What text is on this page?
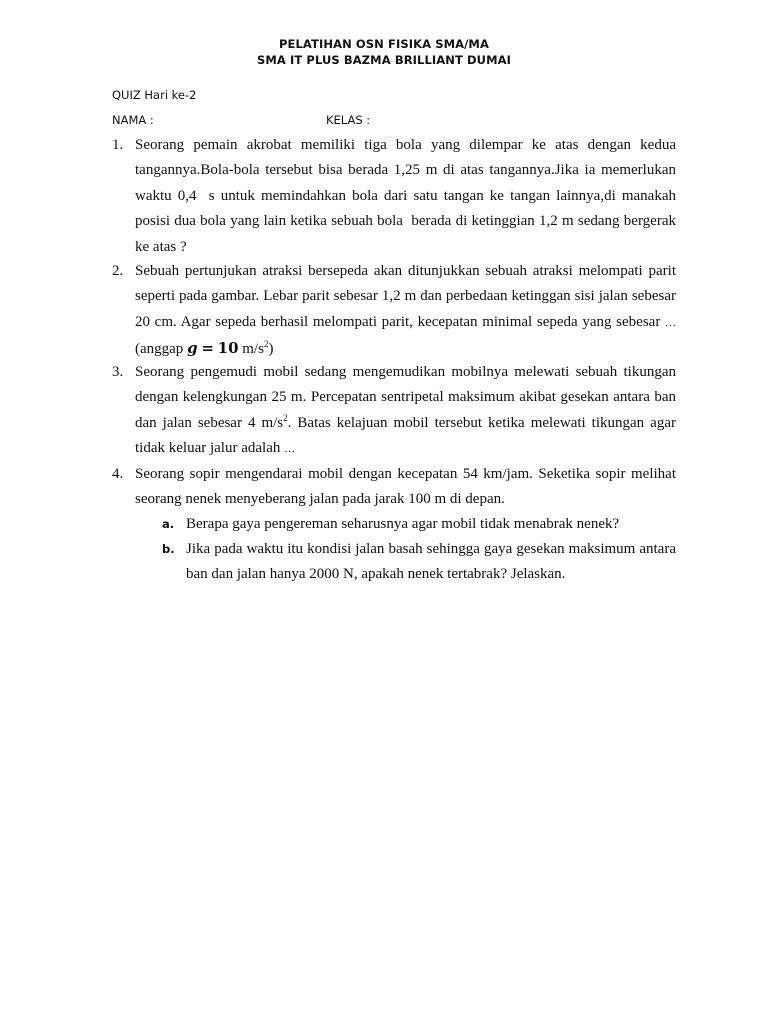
PELATIHAN OSN FISIKA SMA/MA
SMA IT PLUS BAZMA BRILLIANT DUMAI
QUIZ Hari ke-2
NAMA :	KELAS :
1. Seorang pemain akrobat memiliki tiga bola yang dilempar ke atas dengan kedua tangannya.Bola-bola tersebut bisa berada 1,25 m di atas tangannya.Jika ia memerlukan waktu 0,4  s untuk memindahkan bola dari satu tangan ke tangan lainnya,di manakah posisi dua bola yang lain ketika sebuah bola  berada di ketinggian 1,2 m sedang bergerak ke atas ?
2. Sebuah pertunjukan atraksi bersepeda akan ditunjukkan sebuah atraksi melompati parit seperti pada gambar. Lebar parit sebesar 1,2 m dan perbedaan ketinggan sisi jalan sebesar 20 cm. Agar sepeda berhasil melompati parit, kecepatan minimal sepeda yang sebesar … (anggap g = 10 $m/s^2$)
3. Seorang pengemudi mobil sedang mengemudikan mobilnya melewati sebuah tikungan dengan kelengkungan 25 m. Percepatan sentripetal maksimum akibat gesekan antara ban dan jalan sebesar 4 $m/s^2$. Batas kelajuan mobil tersebut ketika melewati tikungan agar tidak keluar jalur adalah …
4. Seorang sopir mengendarai mobil dengan kecepatan 54 km/jam. Seketika sopir melihat seorang nenek menyeberang jalan pada jarak 100 m di depan.
a. Berapa gaya pengereman seharusnya agar mobil tidak menabrak nenek?
b. Jika pada waktu itu kondisi jalan basah sehingga gaya gesekan maksimum antara ban dan jalan hanya 2000 N, apakah nenek tertabrak? Jelaskan.
